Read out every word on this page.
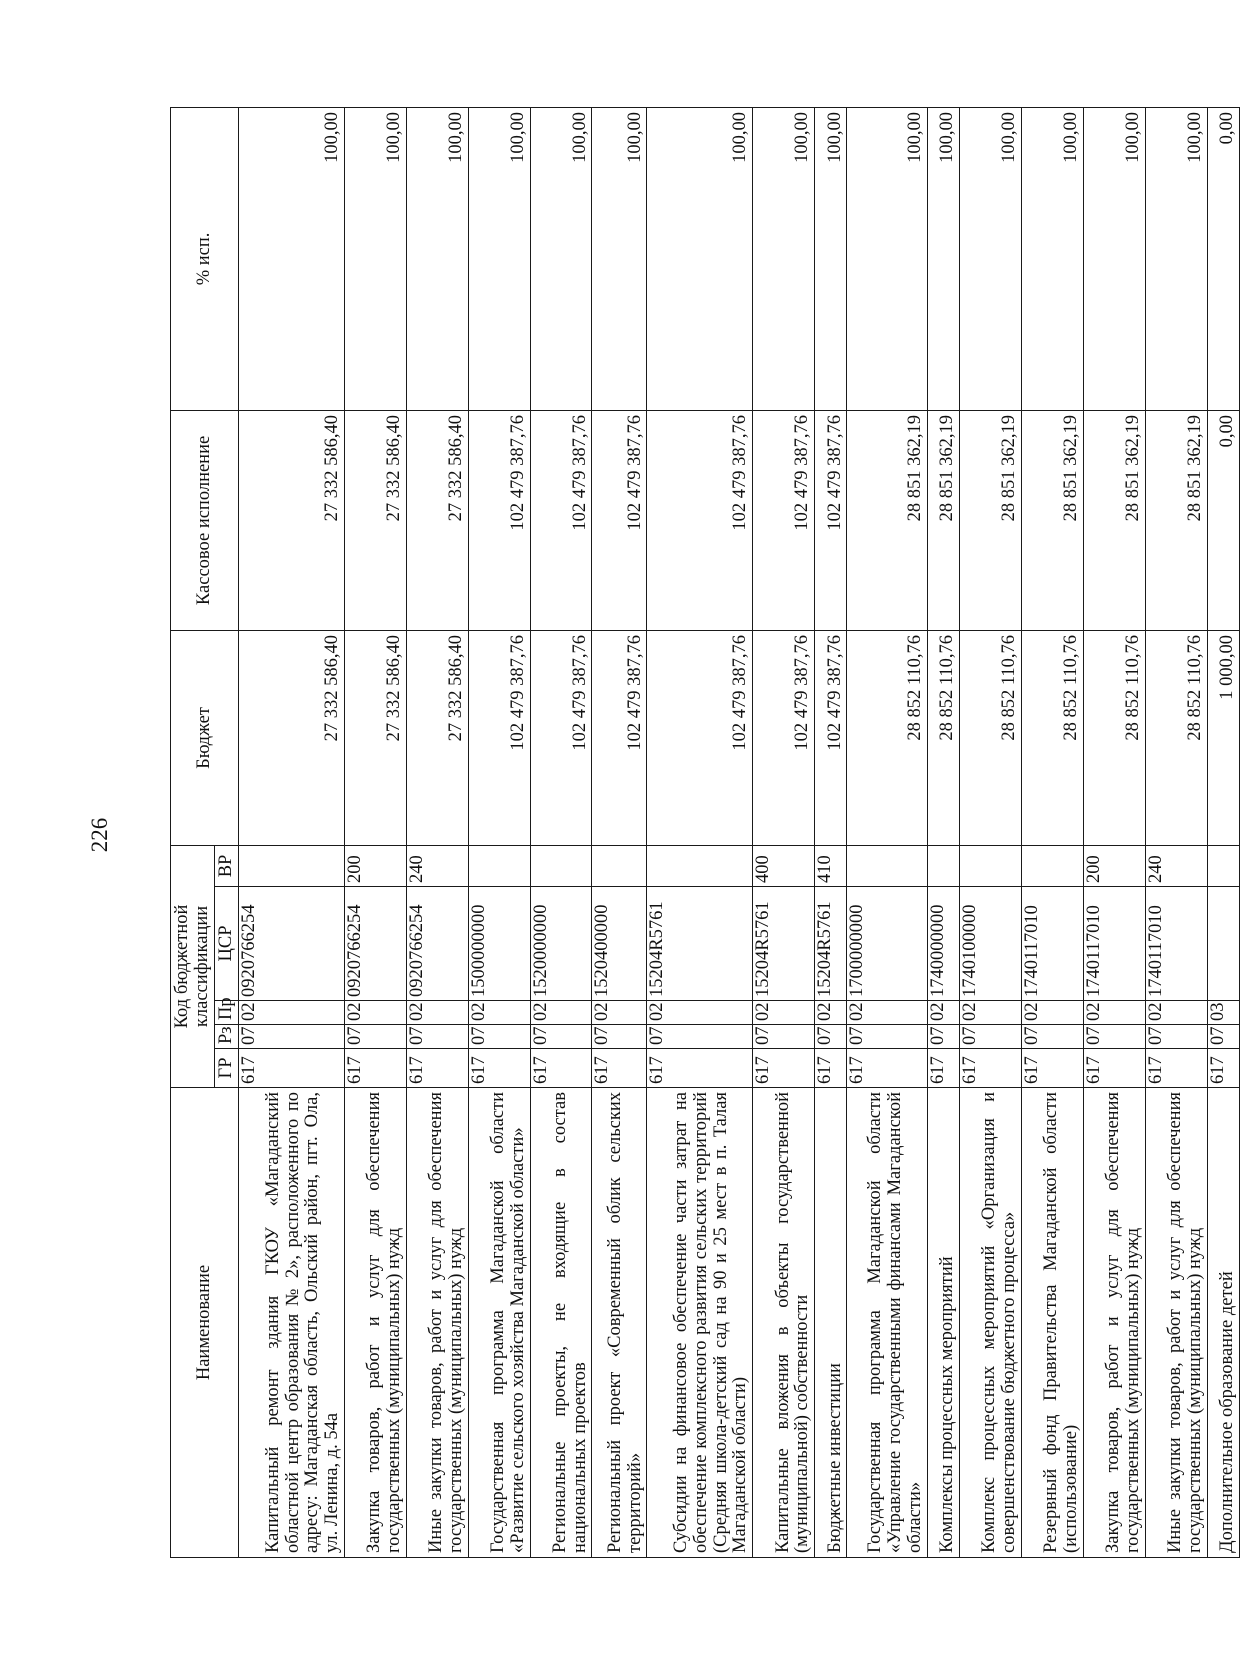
226
Наименование	Код бюджетной классификации					Бюджет	Кассовое исполнение	% исп.
	ГР	Рз	Пр	ЦСР	ВР			

Капитальный ремонт здания ГКОУ «Магаданский областной центр образования № 2», расположенного по адресу: Магаданская область, Ольский район, пгт. Ола, ул. Ленина, д. 54а	617	07	02	0920766254		27 332 586,40	27 332 586,40	100,00
Закупка товаров, работ и услуг для обеспечения государственных (муниципальных) нужд	617	07	02	0920766254	200	27 332 586,40	27 332 586,40	100,00
Иные закупки товаров, работ и услуг для обеспечения государственных (муниципальных) нужд	617	07	02	0920766254	240	27 332 586,40	27 332 586,40	100,00
Государственная программа Магаданской области «Развитие сельского хозяйства Магаданской области»	617	07	02	1500000000		102 479 387,76	102 479 387,76	100,00
Региональные проекты, не входящие в состав национальных проектов	617	07	02	1520000000		102 479 387,76	102 479 387,76	100,00
Региональный проект «Современный облик сельских территорий»	617	07	02	1520400000		102 479 387,76	102 479 387,76	100,00
Субсидии на финансовое обеспечение части затрат на обеспечение комплексного развития сельских территорий (Средняя школа-детский сад на 90 и 25 мест в п. Талая Магаданской области)	617	07	02	15204R5761		102 479 387,76	102 479 387,76	100,00
Капитальные вложения в объекты государственной (муниципальной) собственности	617	07	02	15204R5761	400	102 479 387,76	102 479 387,76	100,00
Бюджетные инвестиции	617	07	02	15204R5761	410	102 479 387,76	102 479 387,76	100,00
Государственная программа Магаданской области «Управление государственными финансами Магаданской области»	617	07	02	1700000000		28 852 110,76	28 851 362,19	100,00
Комплексы процессных мероприятий	617	07	02	1740000000		28 852 110,76	28 851 362,19	100,00
Комплекс процессных мероприятий «Организация и совершенствование бюджетного процесса»	617	07	02	1740100000		28 852 110,76	28 851 362,19	100,00
Резервный фонд Правительства Магаданской области (использование)	617	07	02	1740117010		28 852 110,76	28 851 362,19	100,00
Закупка товаров, работ и услуг для обеспечения государственных (муниципальных) нужд	617	07	02	1740117010	200	28 852 110,76	28 851 362,19	100,00
Иные закупки товаров, работ и услуг для обеспечения государственных (муниципальных) нужд	617	07	02	1740117010	240	28 852 110,76	28 851 362,19	100,00
Дополнительное образование детей	617	07	03			1 000,00	0,00	0,00
